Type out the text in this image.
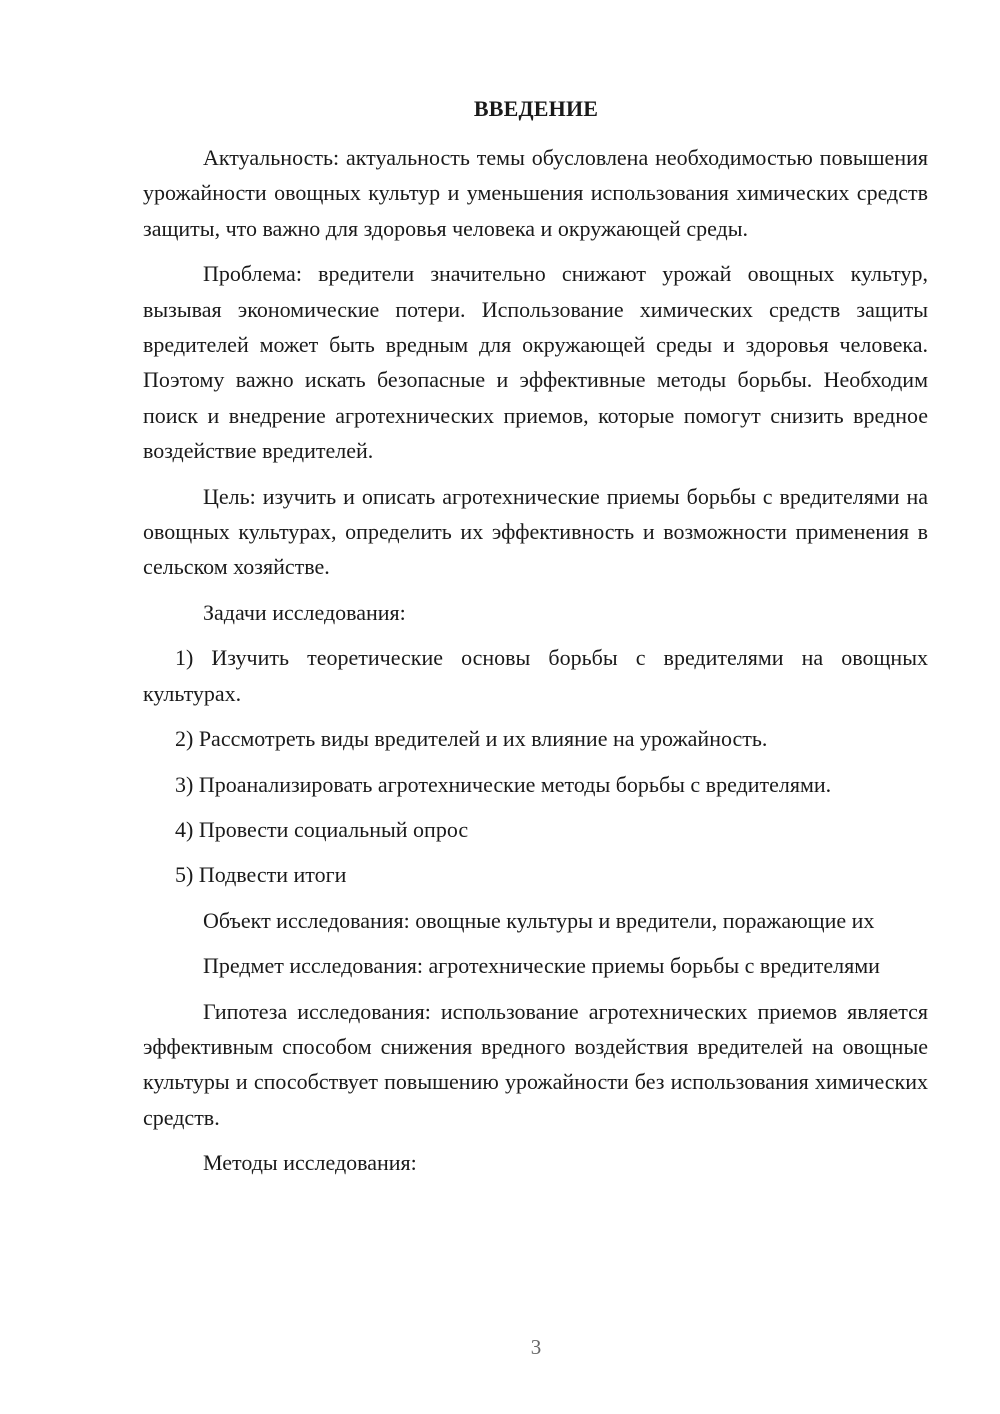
ВВЕДЕНИЕ

Актуальность: актуальность темы обусловлена необходимостью повышения урожайности овощных культур и уменьшения использования химических средств защиты, что важно для здоровья человека и окружающей среды.

Проблема: вредители значительно снижают урожай овощных культур, вызывая экономические потери. Использование химических средств защиты вредителей может быть вредным для окружающей среды и здоровья человека. Поэтому важно искать безопасные и эффективные методы борьбы. Необходим поиск и внедрение агротехнических приемов, которые помогут снизить вредное воздействие вредителей.

Цель: изучить и описать агротехнические приемы борьбы с вредителями на овощных культурах, определить их эффективность и возможности применения в сельском хозяйстве.

Задачи исследования:

1) Изучить теоретические основы борьбы с вредителями на овощных культурах.

2) Рассмотреть виды вредителей и их влияние на урожайность.

3) Проанализировать агротехнические методы борьбы с вредителями.

4) Провести социальный опрос

5) Подвести итоги

Объект исследования: овощные культуры и вредители, поражающие их

Предмет исследования: агротехнические приемы борьбы с вредителями

Гипотеза исследования: использование агротехнических приемов является эффективным способом снижения вредного воздействия вредителей на овощные культуры и способствует повышению урожайности без использования химических средств.

Методы исследования:

3
